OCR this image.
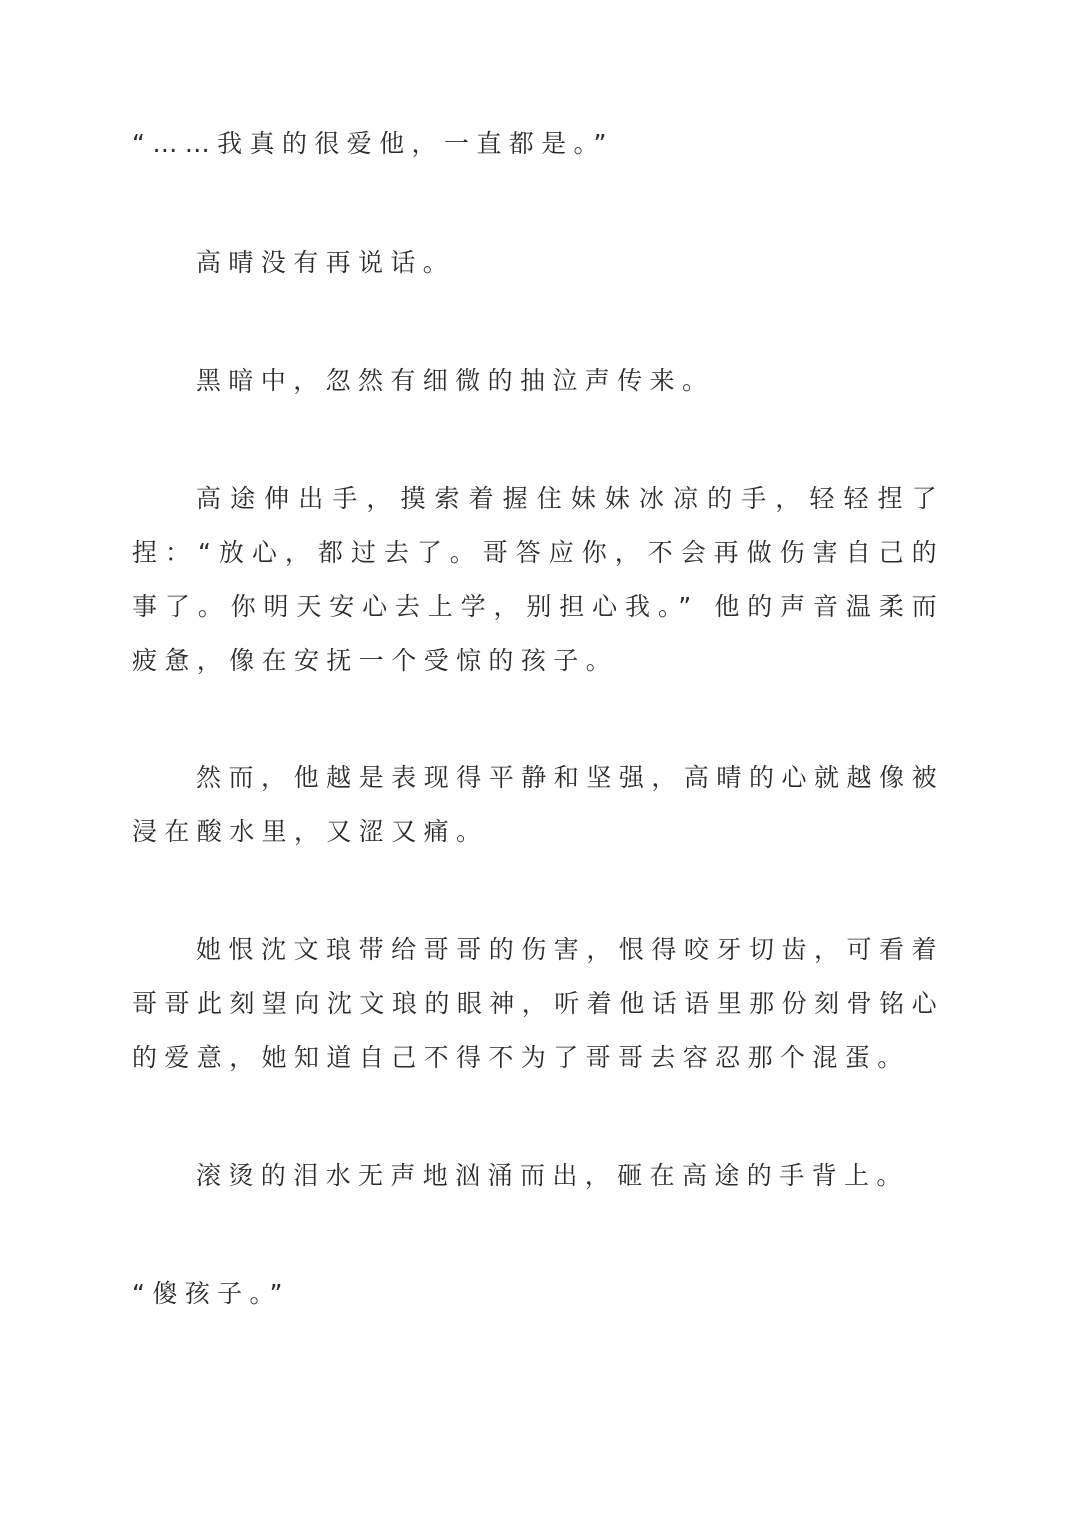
“……我真的很爱他，一直都是。”

高晴没有再说话。

黑暗中，忽然有细微的抽泣声传来。

高途伸出手，摸索着握住妹妹冰凉的手，轻轻捏了捏：“放心，都过去了。哥答应你，不会再做伤害自己的事了。你明天安心去上学，别担心我。” 他的声音温柔而疲惫，像在安抚一个受惊的孩子。

然而，他越是表现得平静和坚强，高晴的心就越像被浸在酸水里，又涩又痛。

她恨沈文琅带给哥哥的伤害，恨得咬牙切齿，可看着哥哥此刻望向沈文琅的眼神，听着他话语里那份刻骨铭心的爱意，她知道自己不得不为了哥哥去容忍那个混蛋。

滚烫的泪水无声地汹涌而出，砸在高途的手背上。

“傻孩子。”
